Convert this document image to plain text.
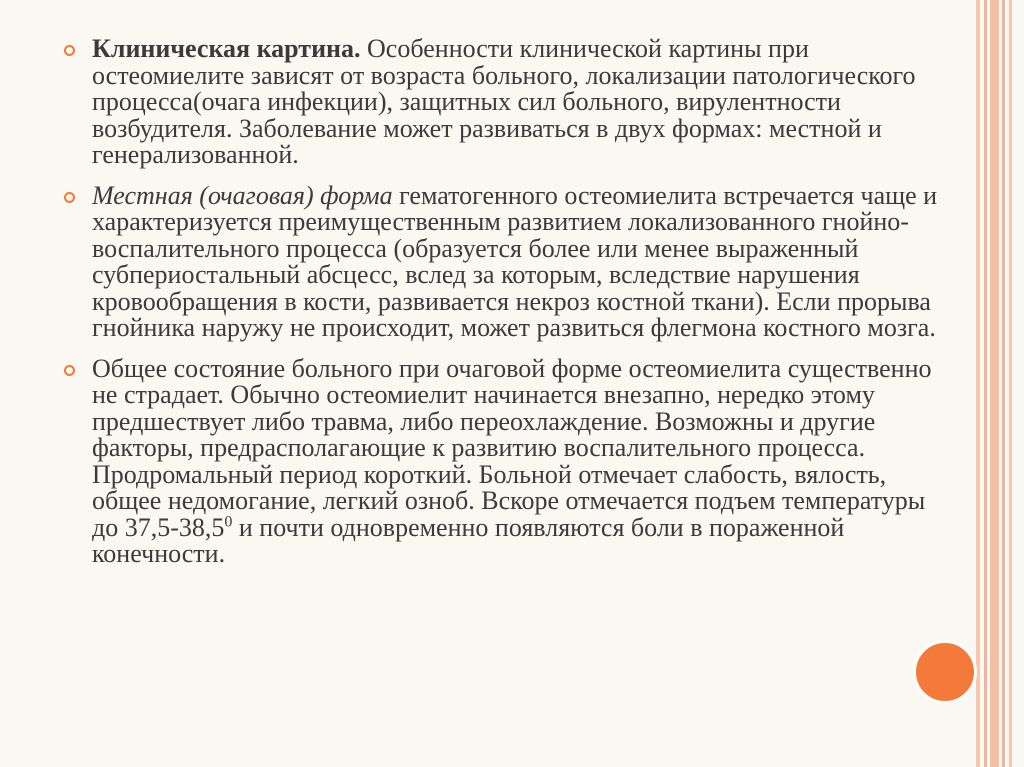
Клиническая картина. Особенности клинической картины при остеомиелите зависят от возраста больного, локализации патологического процесса(очага инфекции), защитных сил больного, вирулентности возбудителя. Заболевание может развиваться в двух формах: местной и генерализованной.

Местная (очаговая) форма гематогенного остеомиелита встречается чаще и характеризуется преимущественным развитием локализованного гнойно-воспалительного процесса (образуется более или менее выраженный субпериостальный абсцесс, вслед за которым, вследствие нарушения кровообращения в кости, развивается некроз костной ткани). Если прорыва гнойника наружу не происходит, может развиться флегмона костного мозга.

Общее состояние больного при очаговой форме остеомиелита существенно не страдает. Обычно остеомиелит начинается внезапно, нередко этому предшествует либо травма, либо переохлаждение. Возможны и другие факторы, предрасполагающие к развитию воспалительного процесса. Продромальный период короткий. Больной отмечает слабость, вялость, общее недомогание, легкий озноб. Вскоре отмечается подъем температуры до 37,5-38,5$^0$ и почти одновременно появляются боли в пораженной конечности.
